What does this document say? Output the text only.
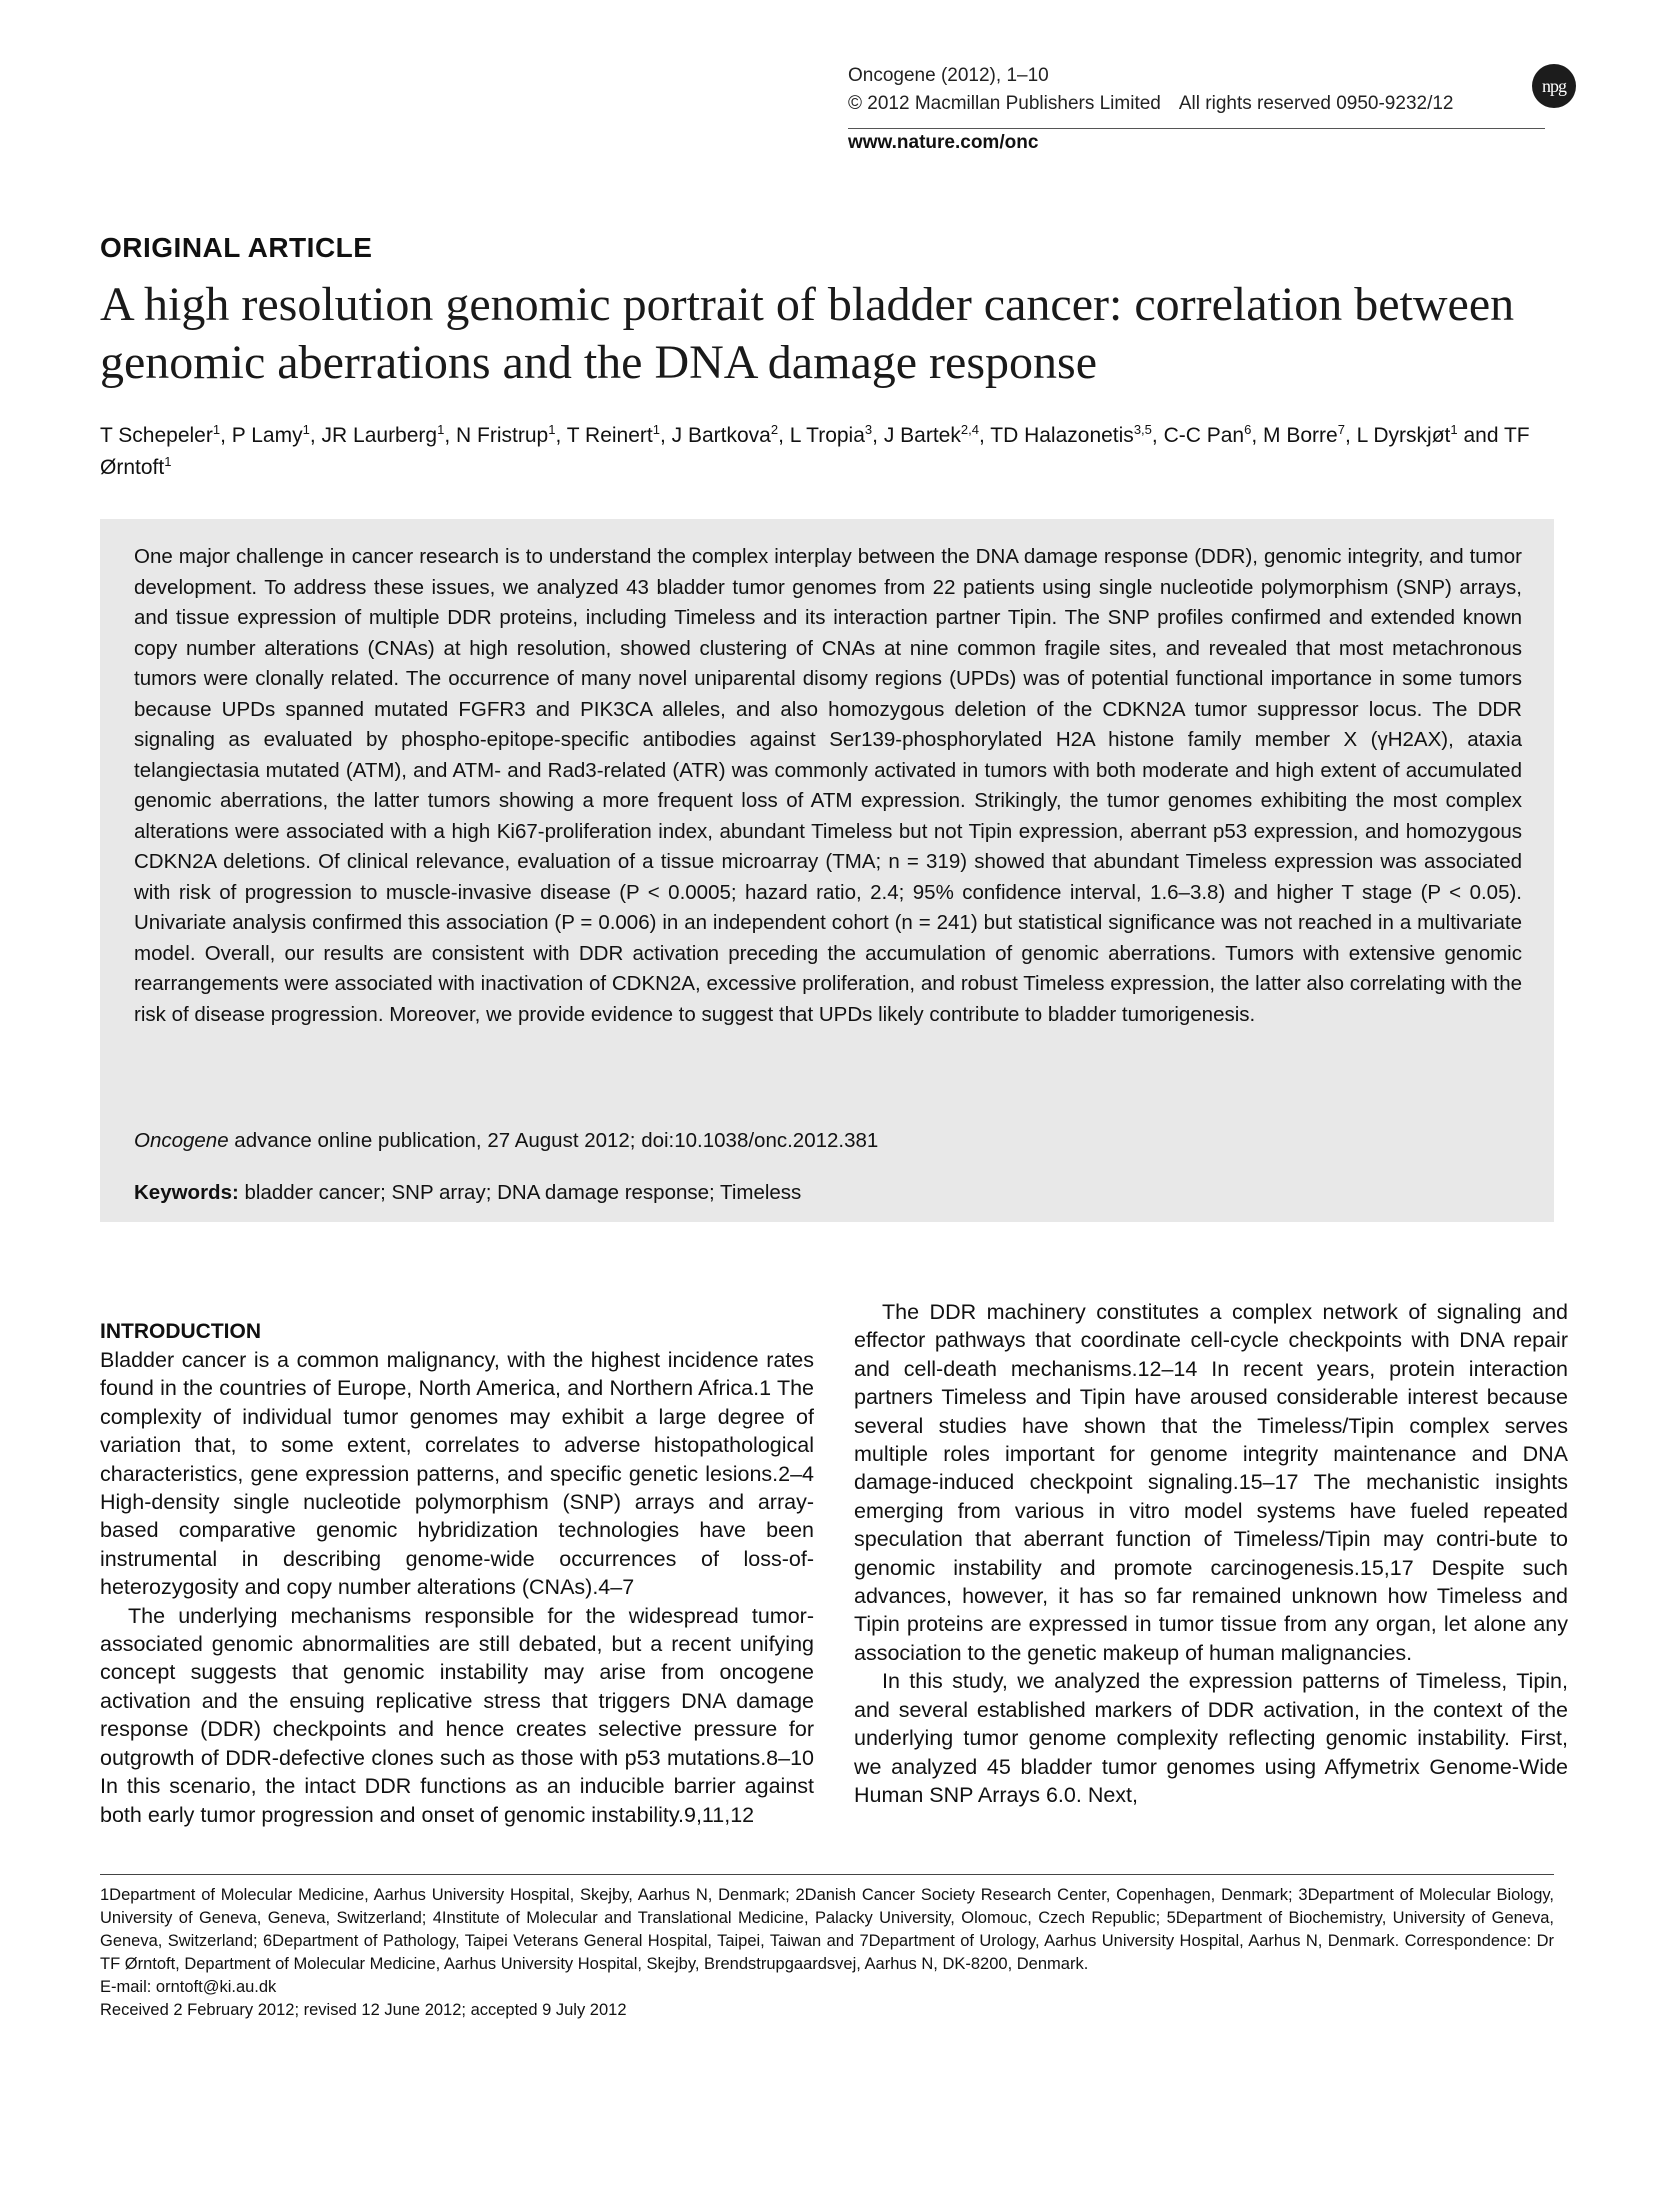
Oncogene (2012), 1–10
© 2012 Macmillan Publishers Limited All rights reserved 0950-9232/12
npg
www.nature.com/onc
ORIGINAL ARTICLE
A high resolution genomic portrait of bladder cancer: correlation between genomic aberrations and the DNA damage response
T Schepeler$^1$, P Lamy$^1$, JR Laurberg$^1$, N Fristrup$^1$, T Reinert$^1$, J Bartkova$^2$, L Tropia$^3$, J Bartek$^{2,4}$, TD Halazonetis$^{3,5}$, C-C Pan$^6$, M Borre$^7$, L Dyrskjøt$^1$ and TF Ørntoft$^1$
One major challenge in cancer research is to understand the complex interplay between the DNA damage response (DDR), genomic integrity, and tumor development. To address these issues, we analyzed 43 bladder tumor genomes from 22 patients using single nucleotide polymorphism (SNP) arrays, and tissue expression of multiple DDR proteins, including Timeless and its interaction partner Tipin. The SNP profiles confirmed and extended known copy number alterations (CNAs) at high resolution, showed clustering of CNAs at nine common fragile sites, and revealed that most metachronous tumors were clonally related. The occurrence of many novel uniparental disomy regions (UPDs) was of potential functional importance in some tumors because UPDs spanned mutated FGFR3 and PIK3CA alleles, and also homozygous deletion of the CDKN2A tumor suppressor locus. The DDR signaling as evaluated by phospho-epitope-specific antibodies against Ser139-phosphorylated H2A histone family member X (γH2AX), ataxia telangiectasia mutated (ATM), and ATM- and Rad3-related (ATR) was commonly activated in tumors with both moderate and high extent of accumulated genomic aberrations, the latter tumors showing a more frequent loss of ATM expression. Strikingly, the tumor genomes exhibiting the most complex alterations were associated with a high Ki67-proliferation index, abundant Timeless but not Tipin expression, aberrant p53 expression, and homozygous CDKN2A deletions. Of clinical relevance, evaluation of a tissue microarray (TMA; n = 319) showed that abundant Timeless expression was associated with risk of progression to muscle-invasive disease (P < 0.0005; hazard ratio, 2.4; 95% confidence interval, 1.6–3.8) and higher T stage (P < 0.05). Univariate analysis confirmed this association (P = 0.006) in an independent cohort (n = 241) but statistical significance was not reached in a multivariate model. Overall, our results are consistent with DDR activation preceding the accumulation of genomic aberrations. Tumors with extensive genomic rearrangements were associated with inactivation of CDKN2A, excessive proliferation, and robust Timeless expression, the latter also correlating with the risk of disease progression. Moreover, we provide evidence to suggest that UPDs likely contribute to bladder tumorigenesis.
Oncogene advance online publication, 27 August 2012; doi:10.1038/onc.2012.381
Keywords: bladder cancer; SNP array; DNA damage response; Timeless
INTRODUCTION

Bladder cancer is a common malignancy, with the highest incidence rates found in the countries of Europe, North America, and Northern Africa.1 The complexity of individual tumor genomes may exhibit a large degree of variation that, to some extent, correlates to adverse histopathological characteristics, gene expression patterns, and specific genetic lesions.2–4 High-density single nucleotide polymorphism (SNP) arrays and array-based comparative genomic hybridization technologies have been instrumental in describing genome-wide occurrences of loss-of-heterozygosity and copy number alterations (CNAs).4–7

The underlying mechanisms responsible for the widespread tumor-associated genomic abnormalities are still debated, but a recent unifying concept suggests that genomic instability may arise from oncogene activation and the ensuing replicative stress that triggers DNA damage response (DDR) checkpoints and hence creates selective pressure for outgrowth of DDR-defective clones such as those with p53 mutations.8–10 In this scenario, the intact DDR functions as an inducible barrier against both early tumor progression and onset of genomic instability.9,11,12

The DDR machinery constitutes a complex network of signaling and effector pathways that coordinate cell-cycle checkpoints with DNA repair and cell-death mechanisms.12–14 In recent years, protein interaction partners Timeless and Tipin have aroused considerable interest because several studies have shown that the Timeless/Tipin complex serves multiple roles important for genome integrity maintenance and DNA damage-induced checkpoint signaling.15–17 The mechanistic insights emerging from various in vitro model systems have fueled repeated speculation that aberrant function of Timeless/Tipin may contri-bute to genomic instability and promote carcinogenesis.15,17 Despite such advances, however, it has so far remained unknown how Timeless and Tipin proteins are expressed in tumor tissue from any organ, let alone any association to the genetic makeup of human malignancies.

In this study, we analyzed the expression patterns of Timeless, Tipin, and several established markers of DDR activation, in the context of the underlying tumor genome complexity reflecting genomic instability. First, we analyzed 45 bladder tumor genomes using Affymetrix Genome-Wide Human SNP Arrays 6.0. Next,

1Department of Molecular Medicine, Aarhus University Hospital, Skejby, Aarhus N, Denmark; 2Danish Cancer Society Research Center, Copenhagen, Denmark; 3Department of Molecular Biology, University of Geneva, Geneva, Switzerland; 4Institute of Molecular and Translational Medicine, Palacky University, Olomouc, Czech Republic; 5Department of Biochemistry, University of Geneva, Geneva, Switzerland; 6Department of Pathology, Taipei Veterans General Hospital, Taipei, Taiwan and 7Department of Urology, Aarhus University Hospital, Aarhus N, Denmark. Correspondence: Dr TF Ørntoft, Department of Molecular Medicine, Aarhus University Hospital, Skejby, Brendstrupgaardsvej, Aarhus N, DK-8200, Denmark.
E-mail: orntoft@ki.au.dk
Received 2 February 2012; revised 12 June 2012; accepted 9 July 2012
